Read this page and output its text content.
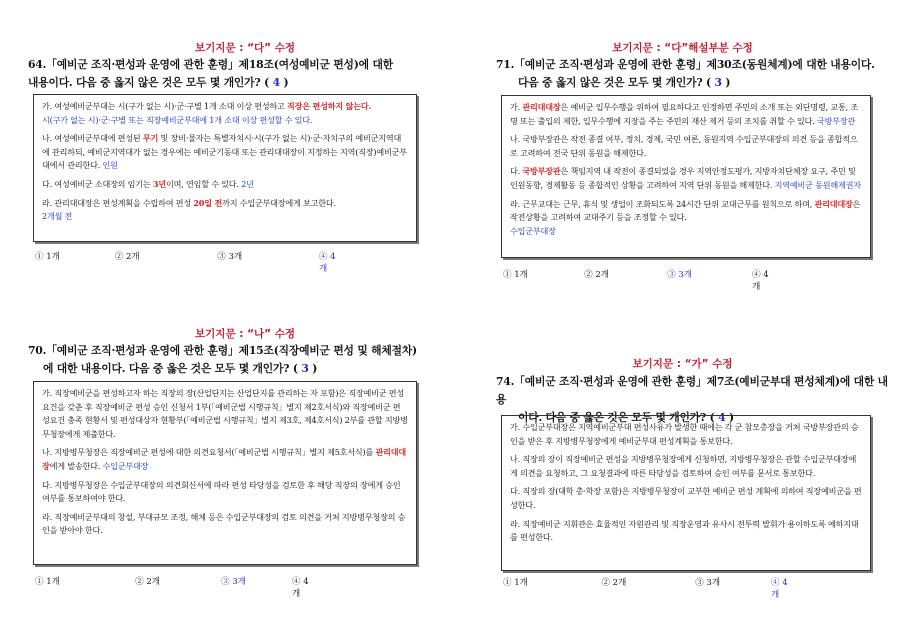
보기지문 : “다” 수정
64.「예비군 조직·편성과 운영에 관한 훈령」제18조(여성예비군 편성)에 대한
내용이다. 다음 중 옳지 않은 것은 모두 몇 개인가? ( 4 )
가. 여성예비군부대는 시(구가 없는 시)·군·구별 1개 소대 이상 편성하고 직장은 편성하지 않는다.
시(구가 없는 시)·군·구별 또는 직장예비군부대에 1개 소대 이상 편성할 수 있다.
나. 여성예비군부대에 편성된 무기 및 장비·물자는 특별자치시·시(구가 없는 시)·군·자치구의 예비군지역대에 관리하되, 예비군지역대가 없는 경우에는 예비군기동대 또는 관리대대장이 지정하는 지역(직장)예비군부대에서 관리한다. 인원
다. 여성예비군 소대장의 임기는 3년이며, 연임할 수 있다. 2년
라. 관리대대장은 편성계획을 수립하여 편성 20일 전까지 수입군부대장에게 보고한다.
2개월 전
① 1개	② 2개	③ 3개	④ 4개
보기지문 : “다”해설부분 수정
71.「예비군 조직·편성과 운영에 관한 훈령」제30조(동원체계)에 대한 내용이다.
다음 중 옳지 않은 것은 모두 몇 개인가? ( 3 )
가. 관리대대장은 예비군 입무수행을 위하여 필요하다고 인정하면 주민의 소개 또는 외단명령, 교통, 조명 또는 출입의 제한, 입무수행에 지장을 주는 주민의 재산 제거 등의 조치를 취할 수 있다. 국방부장관
나. 국방부장관은 작전 종결 여부, 정치, 경제, 국민 여론, 동원지역 수입군부대장의 의견 등을 종합적으로 고려하여 전국 단위 동원을 해제한다.
다. 국방부장관은 책임지역 내 작전이 종결되었을 경우 지역안정도평가, 지방자치단체장 요구, 주민 및 인원동향, 경제활동 등 종합적인 상황을 고려하여 지역 단위 동원을 해제한다. 지역예비군 동원해제권자
라. 근무교대는 근무, 휴식 및 생업이 조화되도록 24시간 단위 교대근무를 원칙으로 하며, 관리대대장은 작전상황을 고려하여 교대주기 등을 조정할 수 있다.
수입군부대장
① 1개	② 2개	③ 3개	④ 4개
보기지문 : “나” 수정
70.「예비군 조직·편성과 운영에 관한 훈령」제15조(직장예비군 편성 및 해체절차)
에 대한 내용이다. 다음 중 옳은 것은 모두 몇 개인가? ( 3 )
가. 직장예비군을 편성하고자 하는 직장의 장(산업단지는 산업단지를 관리하는 자 포함)은 직장예비군 편성요건을 갖춘 후 직장예비군 편성 승인 신청서 1부(「예비군법 시행규칙」별지 제2호서식)와 직장예비군 편성요건 충족 현황서 및 편성대상자 현황부(「예비군법 시행규칙」별지 제3호, 제4호서식) 2부를 관할 지방병무청장에게 제출한다.
나. 지방병무청장은 직장예비군 편성에 대한 의견요청서(「예비군법 시행규칙」별지 제5호서식)를 관리대대장에게 발송한다. 수입군부대장
다. 지방병무청장은 수입군부대장의 의견회신서에 따라 편성 타당성을 검토한 후 해당 직장의 장에게 승인 여부를 통보하여야 한다.
라. 직장예비군부대의 창설, 부대규모 조정, 해체 등은 수입군부대장의 검토 의견을 거쳐 지방병무청장의 승인을 받아야 한다.
① 1개	② 2개	③ 3개	④ 4개
보기지문 : “가” 수정
74.「예비군 조직·편성과 운영에 관한 훈령」제7조(예비군부대 편성체계)에 대한 내용
이다. 다음 중 옳은 것은 모두 몇 개인가? ( 4 )
가. 수입군부대장은 지역예비군부대 편성사유가 발생한 때에는 각 군 참모총장을 거쳐 국방부장관의 승인을 받은 후 지방병무청장에게 예비군부대 편성계획을 통보한다.
나. 직장의 장이 직장예비군 편성을 지방병무청장에게 신청하면, 지방병무청장은 관할 수입군부대장에게 의견을 요청하고, 그 요청결과에 따른 타당성을 검토하여 승인 여부를 문서로 통보한다.
다. 직장의 장(대학 총·학장 포함)은 지방병무청장이 교부한 예비군 편성 계획에 의하여 직장예비군을 편성한다.
라. 직장예비군 지휘관은 효율적인 자원관리 및 직장운영과 유사시 전투력 발휘가 용이하도록 예하지대를 편성한다.
① 1개	② 2개	③ 3개	④ 4개
